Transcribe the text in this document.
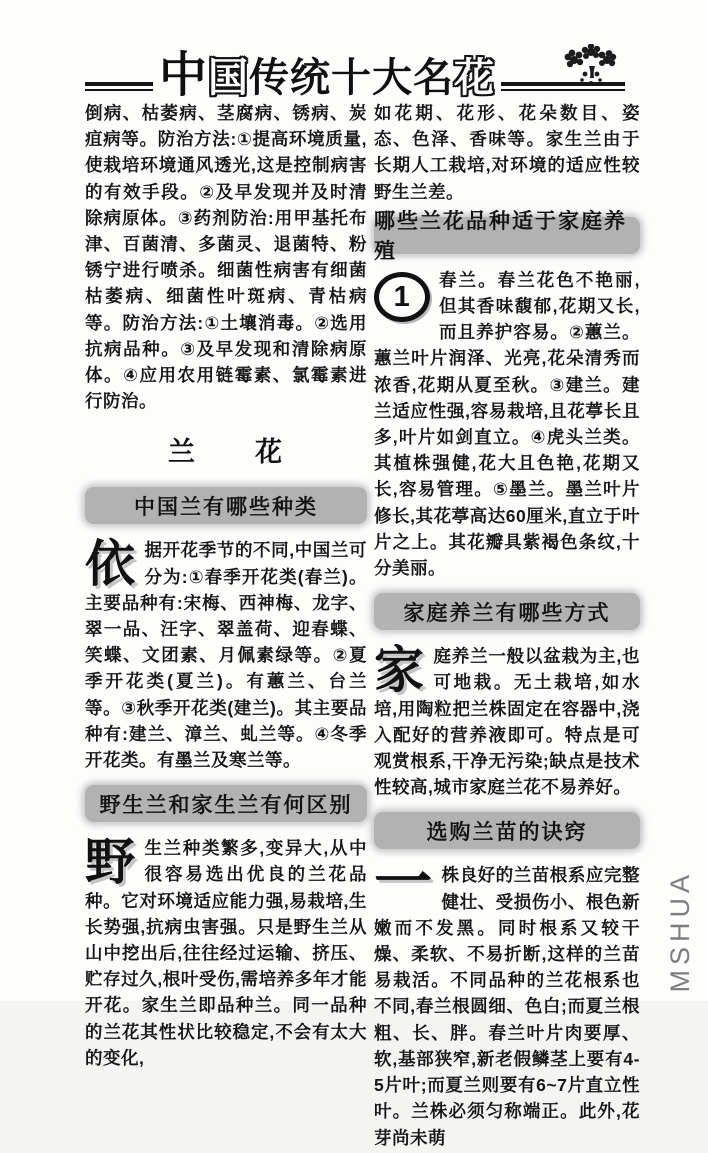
中国传统十大名花

倒病、枯萎病、茎腐病、锈病、炭疽病等。防治方法:①提高环境质量,使栽培环境通风透光,这是控制病害的有效手段。②及早发现并及时清除病原体。③药剂防治:用甲基托布津、百菌清、多菌灵、退菌特、粉锈宁进行喷杀。细菌性病害有细菌枯萎病、细菌性叶斑病、青枯病等。防治方法:①土壤消毒。②选用抗病品种。③及早发现和清除病原体。④应用农用链霉素、氯霉素进行防治。

兰　　花
中国兰有哪些种类

依据开花季节的不同,中国兰可分为:①春季开花类(春兰)。主要品种有:宋梅、西神梅、龙字、翠一品、汪字、翠盖荷、迎春蝶、笑蝶、文团素、月佩素绿等。②夏季开花类(夏兰)。有蕙兰、台兰等。③秋季开花类(建兰)。其主要品种有:建兰、漳兰、虬兰等。④冬季开花类。有墨兰及寒兰等。

野生兰和家生兰有何区别

野生兰种类繁多,变异大,从中很容易选出优良的兰花品种。它对环境适应能力强,易栽培,生长势强,抗病虫害强。只是野生兰从山中挖出后,往往经过运输、挤压、贮存过久,根叶受伤,需培养多年才能开花。家生兰即品种兰。同一品种的兰花其性状比较稳定,不会有太大的变化,

如花期、花形、花朵数目、姿态、色泽、香味等。家生兰由于长期人工栽培,对环境的适应性较野生兰差。

哪些兰花品种适于家庭养殖

1
春兰。春兰花色不艳丽,但其香味馥郁,花期又长,而且养护容易。②蕙兰。蕙兰叶片润泽、光亮,花朵清秀而浓香,花期从夏至秋。③建兰。建兰适应性强,容易栽培,且花葶长且多,叶片如剑直立。④虎头兰类。其植株强健,花大且色艳,花期又长,容易管理。⑤墨兰。墨兰叶片修长,其花葶高达60厘米,直立于叶片之上。其花瓣具紫褐色条纹,十分美丽。

家庭养兰有哪些方式

家庭养兰一般以盆栽为主,也可地栽。无土栽培,如水培,用陶粒把兰株固定在容器中,浇入配好的营养液即可。特点是可观赏根系,干净无污染;缺点是技术性较高,城市家庭兰花不易养好。

选购兰苗的诀窍

一株良好的兰苗根系应完整健壮、受损伤小、根色新嫩而不发黑。同时根系又较干燥、柔软、不易折断,这样的兰苗易栽活。不同品种的兰花根系也不同,春兰根圆细、色白;而夏兰根粗、长、胖。春兰叶片肉要厚、软,基部狭窄,新老假鳞茎上要有4-5片叶;而夏兰则要有6~7片直立性叶。兰株必须匀称端正。此外,花芽尚未萌

MSHUA
